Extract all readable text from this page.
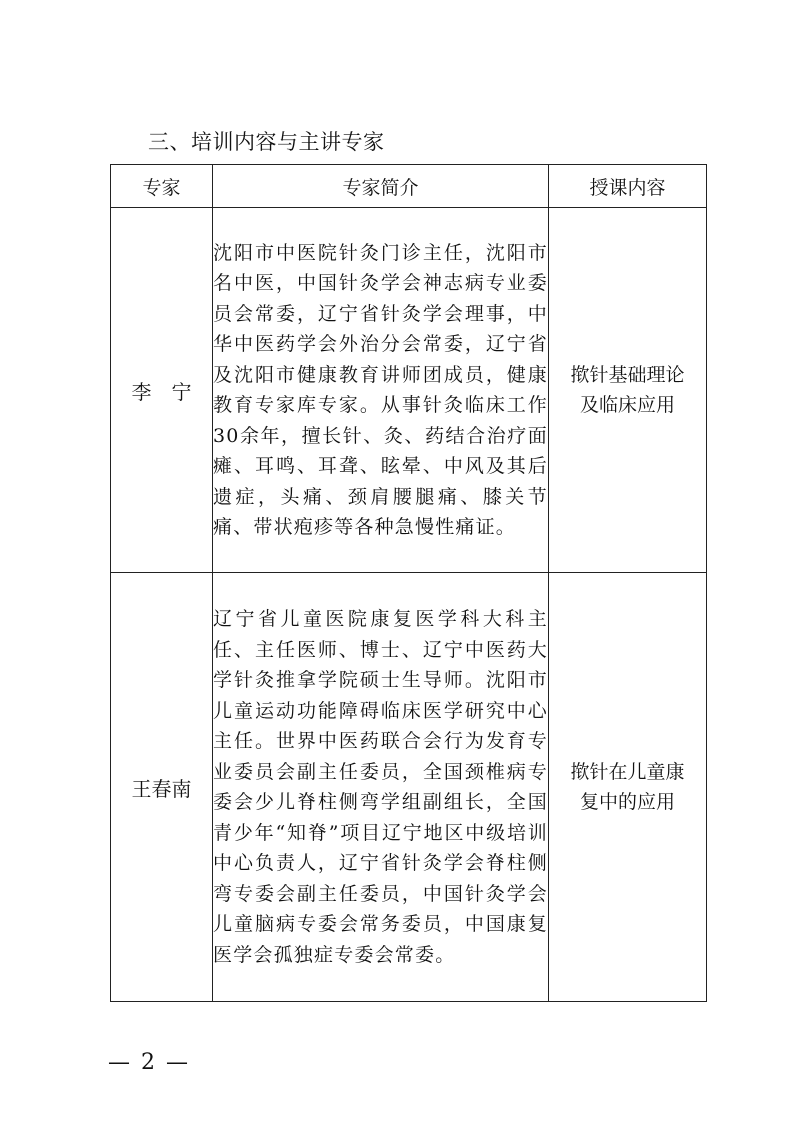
三、培训内容与主讲专家
专家	专家简介	授课内容
李　宁	沈阳市中医院针灸门诊主任，沈阳市名中医，中国针灸学会神志病专业委员会常委，辽宁省针灸学会理事，中华中医药学会外治分会常委，辽宁省及沈阳市健康教育讲师团成员，健康教育专家库专家。从事针灸临床工作30余年，擅长针、灸、药结合治疗面瘫、耳鸣、耳聋、眩晕、中风及其后遗症，头痛、颈肩腰腿痛、膝关节痛、带状疱疹等各种急慢性痛证。	揿针基础理论
及临床应用

王春南	辽宁省儿童医院康复医学科大科主任、主任医师、博士、辽宁中医药大学针灸推拿学院硕士生导师。沈阳市儿童运动功能障碍临床医学研究中心主任。世界中医药联合会行为发育专业委员会副主任委员，全国颈椎病专委会少儿脊柱侧弯学组副组长，全国青少年“知脊”项目辽宁地区中级培训中心负责人，辽宁省针灸学会脊柱侧弯专委会副主任委员，中国针灸学会儿童脑病专委会常务委员，中国康复医学会孤独症专委会常委。	揿针在儿童康
复中的应用
— 2 —
